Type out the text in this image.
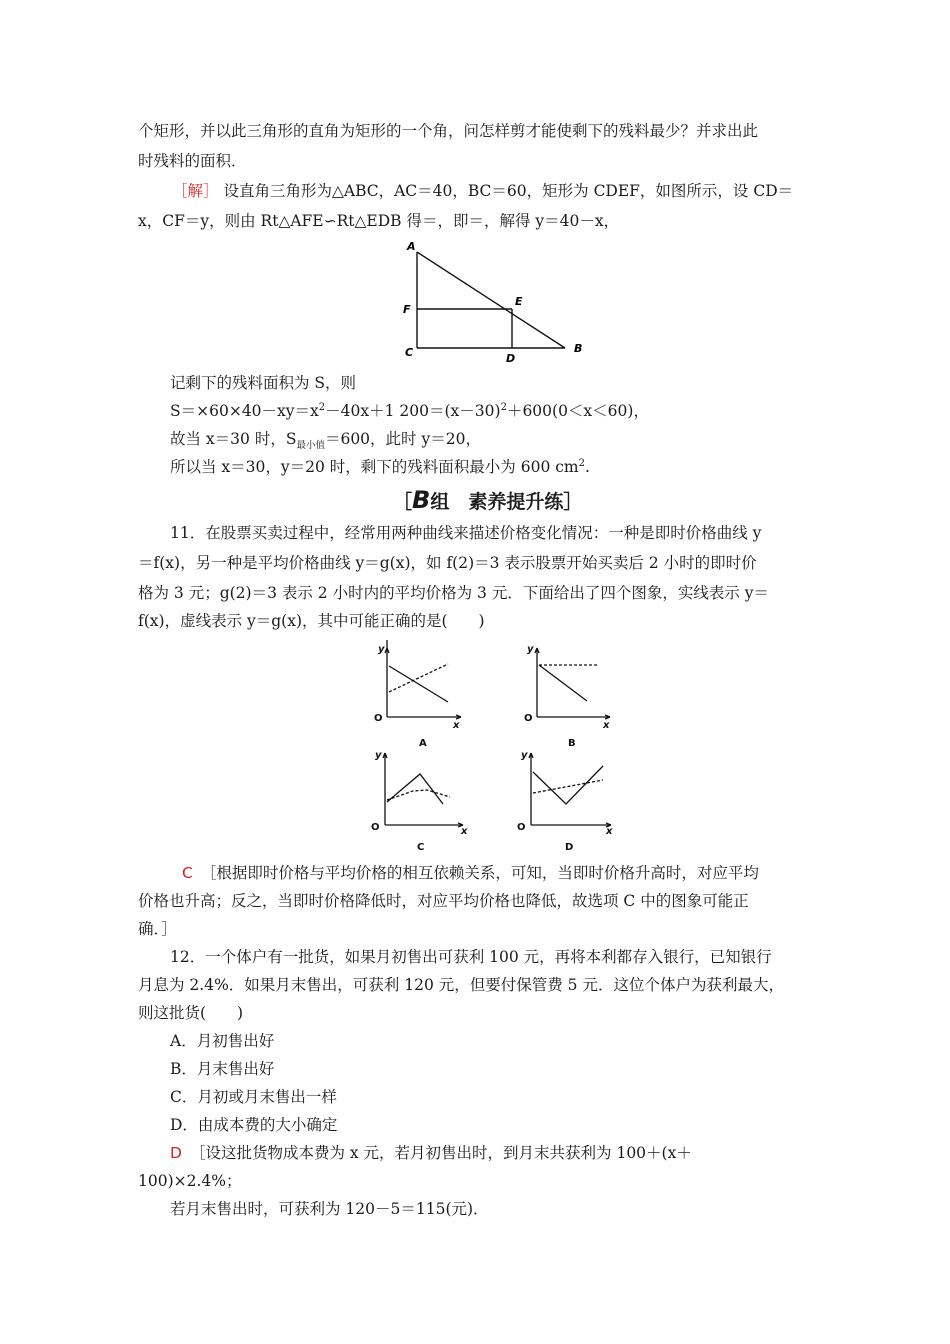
个矩形，并以此三角形的直角为矩形的一个角，问怎样剪才能使剩下的残料最少？并求出此
时残料的面积．
［解］ 设直角三角形为△ABC，AC＝40，BC＝60，矩形为 CDEF，如图所示，设 CD＝
x，CF＝y，则由 Rt△AFE∽Rt△EDB 得＝，即＝，解得 y＝40－x，
A
F
C	D
E
B
记剩下的残料面积为 S，则
$S=\times 60\times 40-xy=x^2-40x+1$ $200=(x-30)^2+600(0<x<60)$，
故当 x＝30 时，$S_{最小值}=600$，此时 y＝20，
所以当 x＝30，y＝20 时，剩下的残料面积最小为 600 $cm^2$.
［B组　素养提升练］
11．在股票买卖过程中，经常用两种曲线来描述价格变化情况：一种是即时价格曲线 y
＝f(x)，另一种是平均价格曲线 y＝g(x)，如 f(2)＝3 表示股票开始买卖后 2 小时的即时价
格为 3 元；g(2)＝3 表示 2 小时内的平均价格为 3 元．下面给出了四个图象，实线表示 y＝
f(x)，虚线表示 y＝g(x)，其中可能正确的是(　　)
y
O
x
A
y
O
x
B
y
O	x
C
y
O	x
D
C ［根据即时价格与平均价格的相互依赖关系，可知，当即时价格升高时，对应平均
价格也升高；反之，当即时价格降低时，对应平均价格也降低，故选项 C 中的图象可能正
确．］
12．一个体户有一批货，如果月初售出可获利 100 元，再将本利都存入银行，已知银行
月息为 2.4%．如果月末售出，可获利 120 元，但要付保管费 5 元．这位个体户为获利最大，
则这批货(　　)
A．月初售出好
B．月末售出好
C．月初或月末售出一样
D．由成本费的大小确定
D ［设这批货物成本费为 x 元，若月初售出时，到月末共获利为 100＋(x＋
100)×2.4%；
若月末售出时，可获利为 120－5＝115(元)．
